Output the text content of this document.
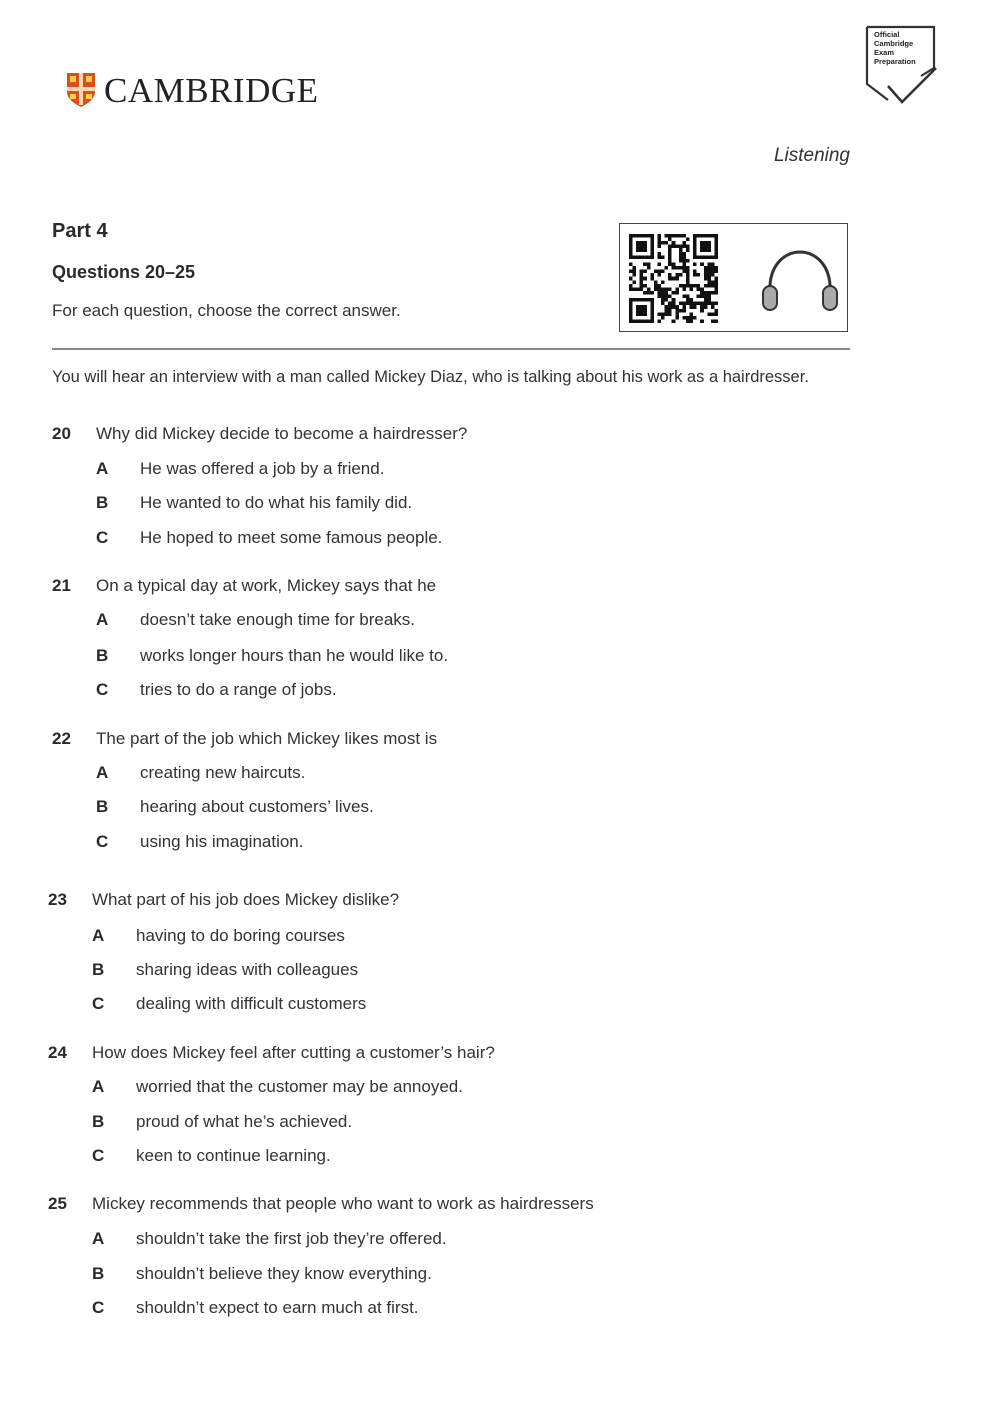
CAMBRIDGE
Official
Cambridge
Exam
Preparation
Listening
Part 4
Questions 20–25
For each question, choose the correct answer.
You will hear an interview with a man called Mickey Diaz, who is talking about his work as a hairdresser.
20 Why did Mickey decide to become a hairdresser?
A He was offered a job by a friend.
B He wanted to do what his family did.
C He hoped to meet some famous people.
21 On a typical day at work, Mickey says that he
A doesn’t take enough time for breaks.
B works longer hours than he would like to.
C tries to do a range of jobs.
22 The part of the job which Mickey likes most is
A creating new haircuts.
B hearing about customers’ lives.
C using his imagination.
23 What part of his job does Mickey dislike?
A having to do boring courses
B sharing ideas with colleagues
C dealing with difficult customers
24 How does Mickey feel after cutting a customer’s hair?
A worried that the customer may be annoyed.
B proud of what he’s achieved.
C keen to continue learning.
25 Mickey recommends that people who want to work as hairdressers
A shouldn’t take the first job they’re offered.
B shouldn’t believe they know everything.
C shouldn’t expect to earn much at first.
